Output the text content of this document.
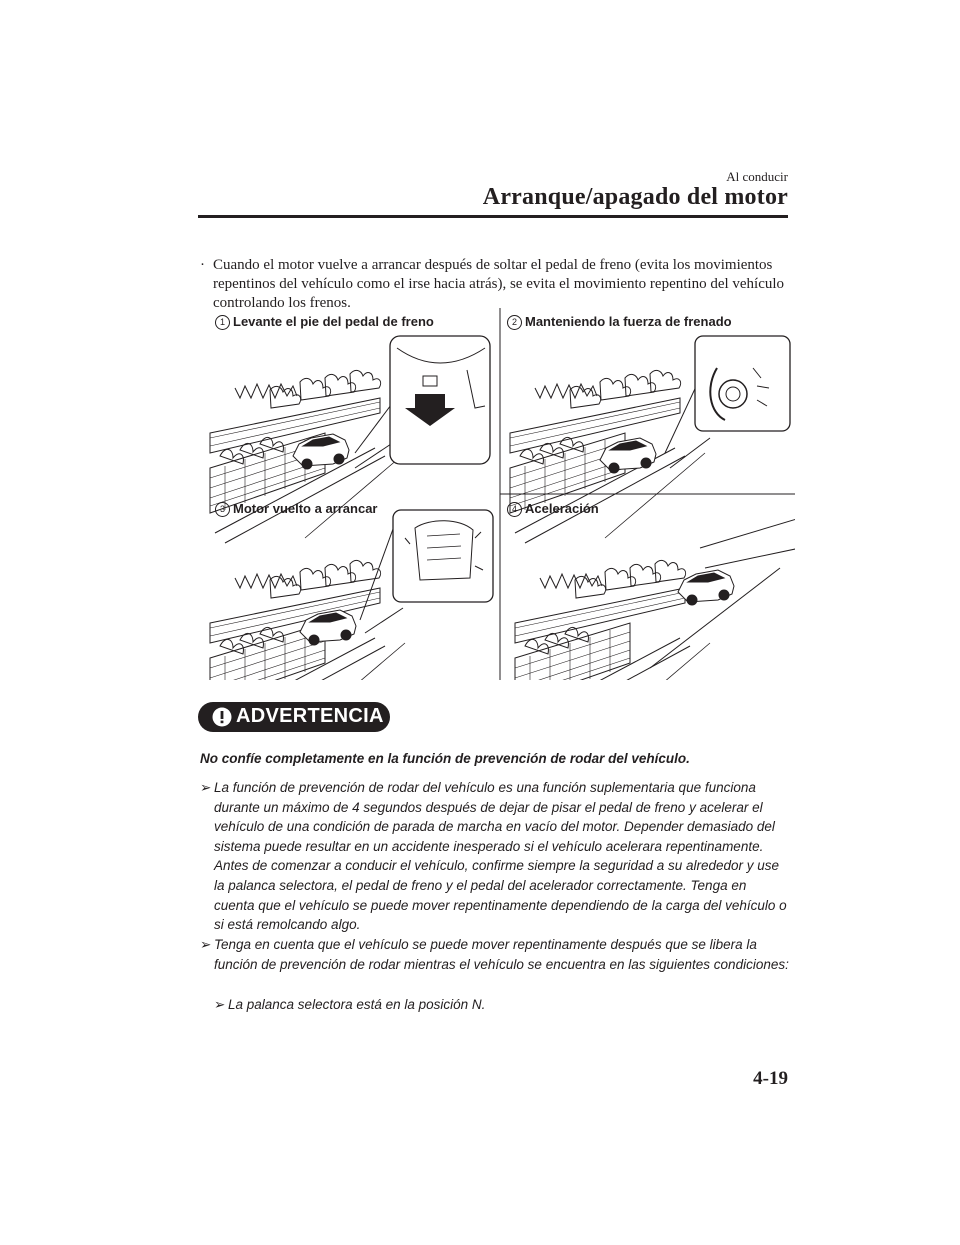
Al conducir
Arranque/apagado del motor
· Cuando el motor vuelve a arrancar después de soltar el pedal de freno (evita los movimientos repentinos del vehículo como el irse hacia atrás), se evita el movimiento repentino del vehículo controlando los frenos.
1 Levante el pie del pedal de freno	2 Manteniendo la fuerza de frenado
3 Motor vuelto a arrancar	4 Aceleración
ADVERTENCIA
No confíe completamente en la función de prevención de rodar del vehículo.
➢ La función de prevención de rodar del vehículo es una función suplementaria que funciona durante un máximo de 4 segundos después de dejar de pisar el pedal de freno y acelerar el vehículo de una condición de parada de marcha en vacío del motor. Depender demasiado del sistema puede resultar en un accidente inesperado si el vehículo acelerara repentinamente. Antes de comenzar a conducir el vehículo, confirme siempre la seguridad a su alrededor y use la palanca selectora, el pedal de freno y el pedal del acelerador correctamente. Tenga en cuenta que el vehículo se puede mover repentinamente dependiendo de la carga del vehículo o si está remolcando algo.
➢ Tenga en cuenta que el vehículo se puede mover repentinamente después que se libera la función de prevención de rodar mientras el vehículo se encuentra en las siguientes condiciones:
➢ La palanca selectora está en la posición N.
4-19
